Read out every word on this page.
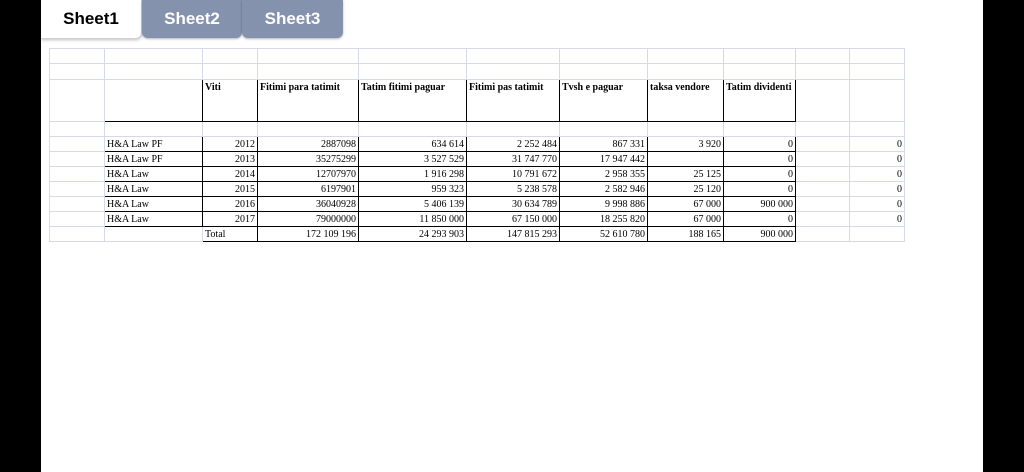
Sheet1	Sheet2	Sheet3

		Viti	Fitimi para tatimit	Tatim fitimi paguar	Fitimi pas tatimit	Tvsh e paguar	taksa vendore	Tatim dividenti		

	H&A Law PF	2012	2887098	634 614	2 252 484	867 331	3 920	0		0
	H&A Law PF	2013	35275299	3 527 529	31 747 770	17 947 442		0		0
	H&A Law	2014	12707970	1 916 298	10 791 672	2 958 355	25 125	0		0
	H&A Law	2015	6197901	959 323	5 238 578	2 582 946	25 120	0		0
	H&A Law	2016	36040928	5 406 139	30 634 789	9 998 886	67 000	900 000		0
	H&A Law	2017	79000000	11 850 000	67 150 000	18 255 820	67 000	0		0
		Total	172 109 196	24 293 903	147 815 293	52 610 780	188 165	900 000		
